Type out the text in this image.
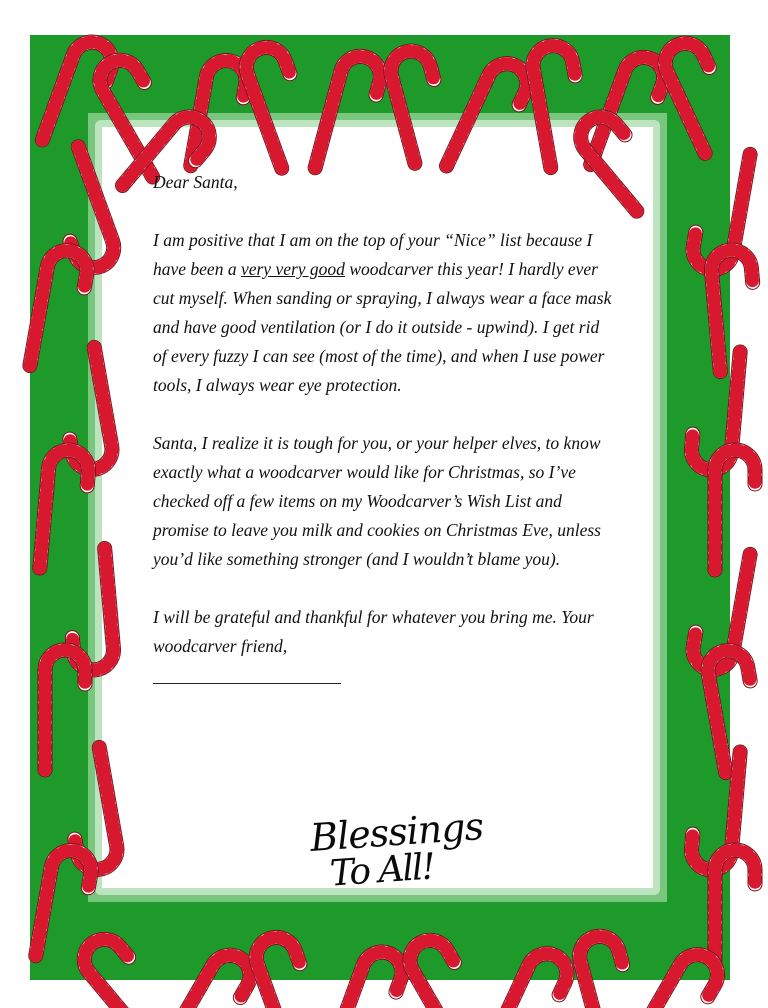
Dear Santa,

I am positive that I am on the top of your “Nice” list because I have been a very very good woodcarver this year! I hardly ever cut myself. When sanding or spraying, I always wear a face mask and have good ventilation (or I do it outside - upwind). I get rid of every fuzzy I can see (most of the time), and when I use power tools, I always wear eye protection.

Santa, I realize it is tough for you, or your helper elves, to know exactly what a woodcarver would like for Christmas, so I’ve checked off a few items on my Woodcarver’s Wish List and promise to leave you milk and cookies on Christmas Eve, unless you’d like something stronger (and I wouldn’t blame you).

I will be grateful and thankful for whatever you bring me. Your woodcarver friend,

Blessings
To All!
